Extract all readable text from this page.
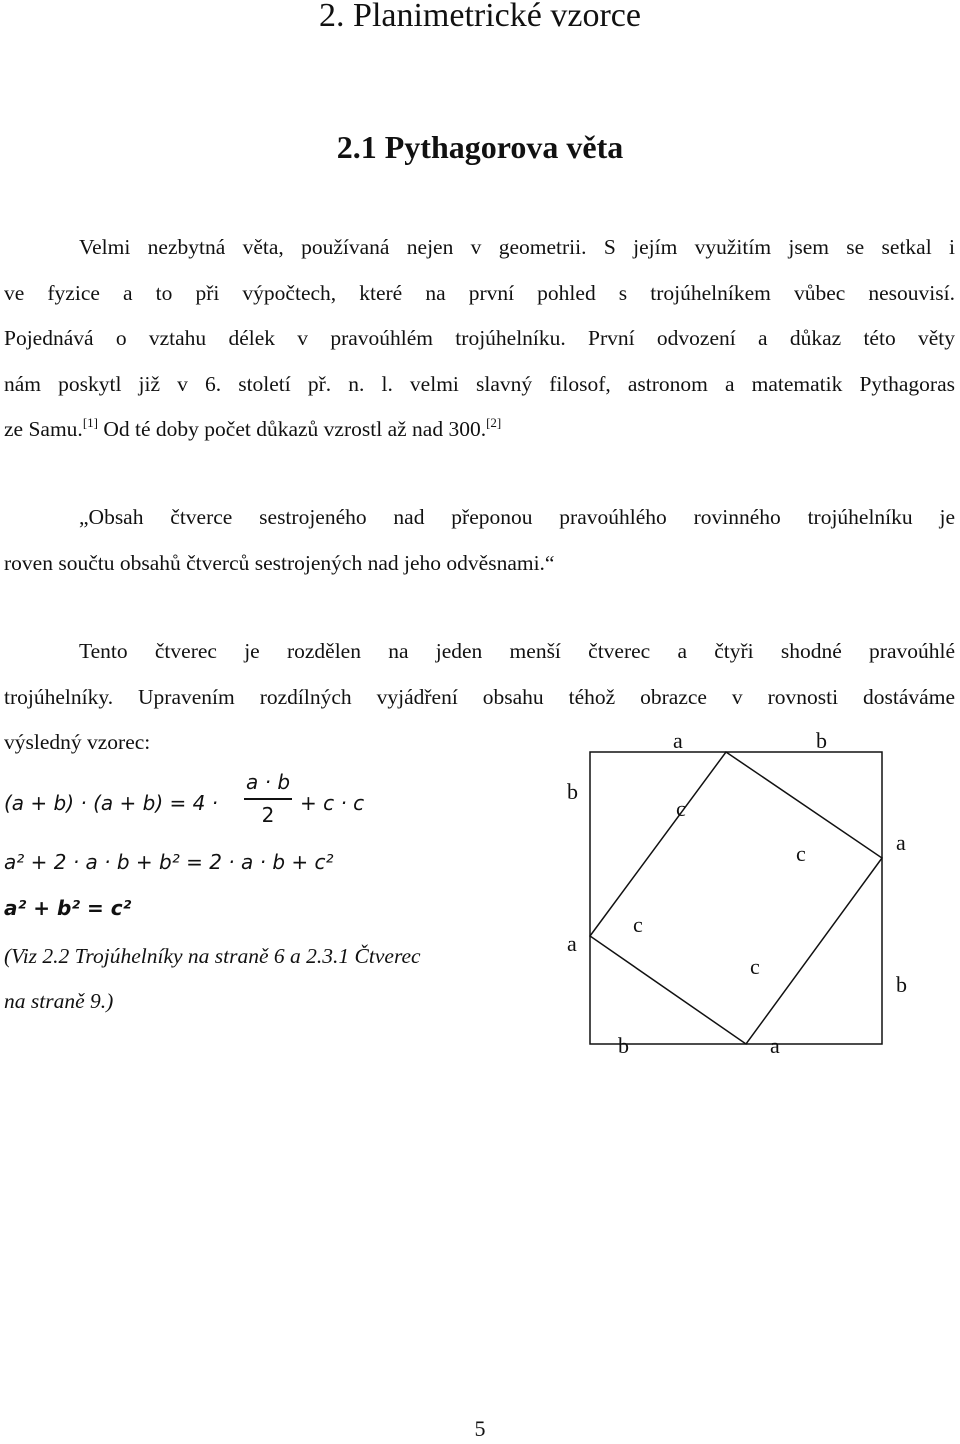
2. Planimetrické vzorce
2.1 Pythagorova věta
Velmi nezbytná věta, používaná nejen v geometrii. S jejím využitím jsem se setkal i
ve fyzice a to při výpočtech, které na první pohled s trojúhelníkem vůbec nesouvisí.
Pojednává o vztahu délek v pravoúhlém trojúhelníku. První odvození a důkaz této věty
nám poskytl již v 6. století př. n. l. velmi slavný filosof, astronom a matematik Pythagoras
ze Samu.[1] Od té doby počet důkazů vzrostl až nad 300.[2]
„Obsah čtverce sestrojeného nad přeponou pravoúhlého rovinného trojúhelníku je
roven součtu obsahů čtverců sestrojených nad jeho odvěsnami.“
Tento čtverec je rozdělen na jeden menší čtverec a čtyři shodné pravoúhlé
trojúhelníky. Upravením rozdílných vyjádření obsahu téhož obrazce v rovnosti dostáváme
výsledný vzorec:
(a + b) · (a + b) = 4 ·
a · b
2	+ c · c
a² + 2 · a · b + b² = 2 · a · b + c²
a² + b² = c²
(Viz 2.2 Trojúhelníky na straně 6 a 2.3.1 Čtverec
na straně 9.)
a	b
b
a
a
b
b	a
c
c
c
c
5
